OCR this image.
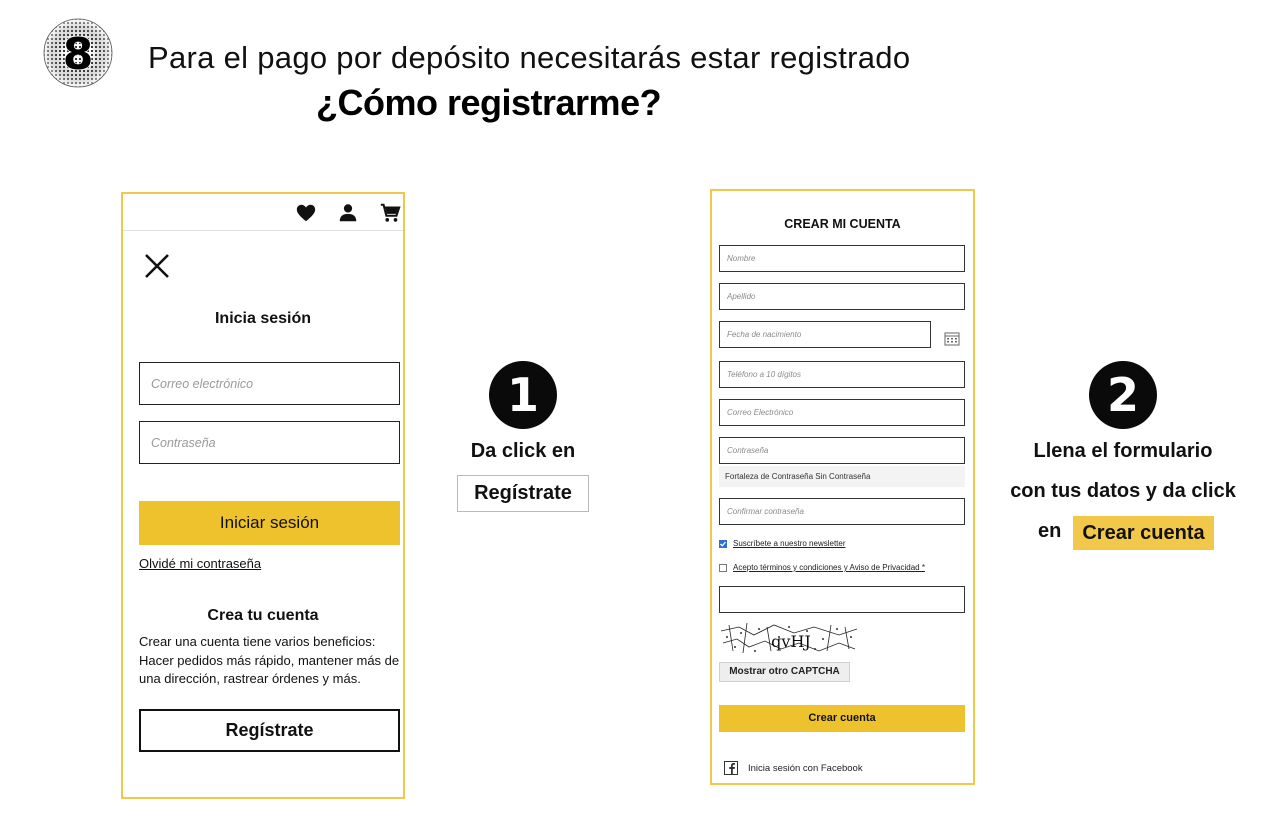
8 Para el pago por depósito necesitarás estar registrado
¿Cómo registrarme?
Inicia sesión
Correo electrónico
Contraseña
Iniciar sesión
Olvidé mi contraseña
Crea tu cuenta
Crear una cuenta tiene varios beneficios: Hacer pedidos más rápido, mantener más de una dirección, rastrear órdenes y más.
Regístrate
1
Da click en
Regístrate
CREAR MI CUENTA
Nombre
Apellido
Fecha de nacimiento
Teléfono a 10 dígitos
Correo Electrónico
Contraseña
Fortaleza de Contraseña Sin Contraseña
Confirmar contraseña
Suscríbete a nuestro newsletter
Acepto términos y condiciones y Aviso de Privacidad *
qvHJ
Mostrar otro CAPTCHA
Crear cuenta
Inicia sesión con Facebook
2
Llena el formulario
con tus datos y da click
en	Crear cuenta
